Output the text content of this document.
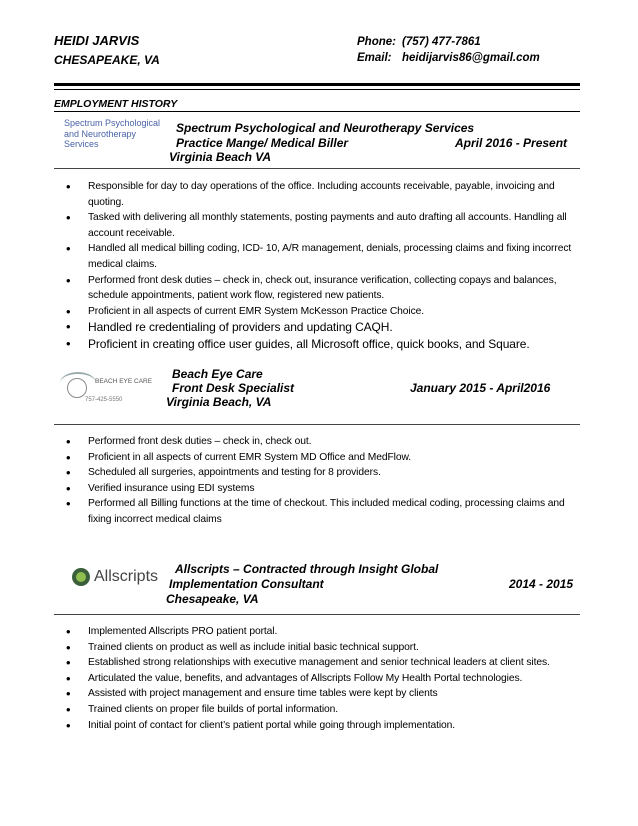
HEIDI JARVIS
CHESAPEAKE, VA
Phone: (757) 477-7861
Email: heidijarvis86@gmail.com
EMPLOYMENT HISTORY
Spectrum Psychological and Neurotherapy Services
Spectrum Psychological and Neurotherapy Services
Practice Mange/ Medical Biller	April 2016 - Present
Virginia Beach VA
• Responsible for day to day operations of the office. Including accounts receivable, payable, invoicing and quoting.
• Tasked with delivering all monthly statements, posting payments and auto drafting all accounts. Handling all account receivable.
• Handled all medical billing coding, ICD- 10, A/R management, denials, processing claims and fixing incorrect medical claims.
• Performed front desk duties – check in, check out, insurance verification, collecting copays and balances, schedule appointments, patient work flow, registered new patients.
• Proficient in all aspects of current EMR System McKesson Practice Choice.
• Handled re credentialing of providers and updating CAQH.
• Proficient in creating office user guides, all Microsoft office, quick books, and Square.
BEACH EYE CARE
757-425-5550
Beach Eye Care
Front Desk Specialist	January 2015 - April2016
Virginia Beach, VA
• Performed front desk duties – check in, check out.
• Proficient in all aspects of current EMR System MD Office and MedFlow.
• Scheduled all surgeries, appointments and testing for 8 providers.
• Verified insurance using EDI systems
• Performed all Billing functions at the time of checkout. This included medical coding, processing claims and fixing incorrect medical claims
Allscripts Allscripts – Contracted through Insight Global
Implementation Consultant	2014 - 2015
Chesapeake, VA
• Implemented Allscripts PRO patient portal.
• Trained clients on product as well as include initial basic technical support.
• Established strong relationships with executive management and senior technical leaders at client sites.
• Articulated the value, benefits, and advantages of Allscripts Follow My Health Portal technologies.
• Assisted with project management and ensure time tables were kept by clients
• Trained clients on proper file builds of portal information.
• Initial point of contact for client’s patient portal while going through implementation.
